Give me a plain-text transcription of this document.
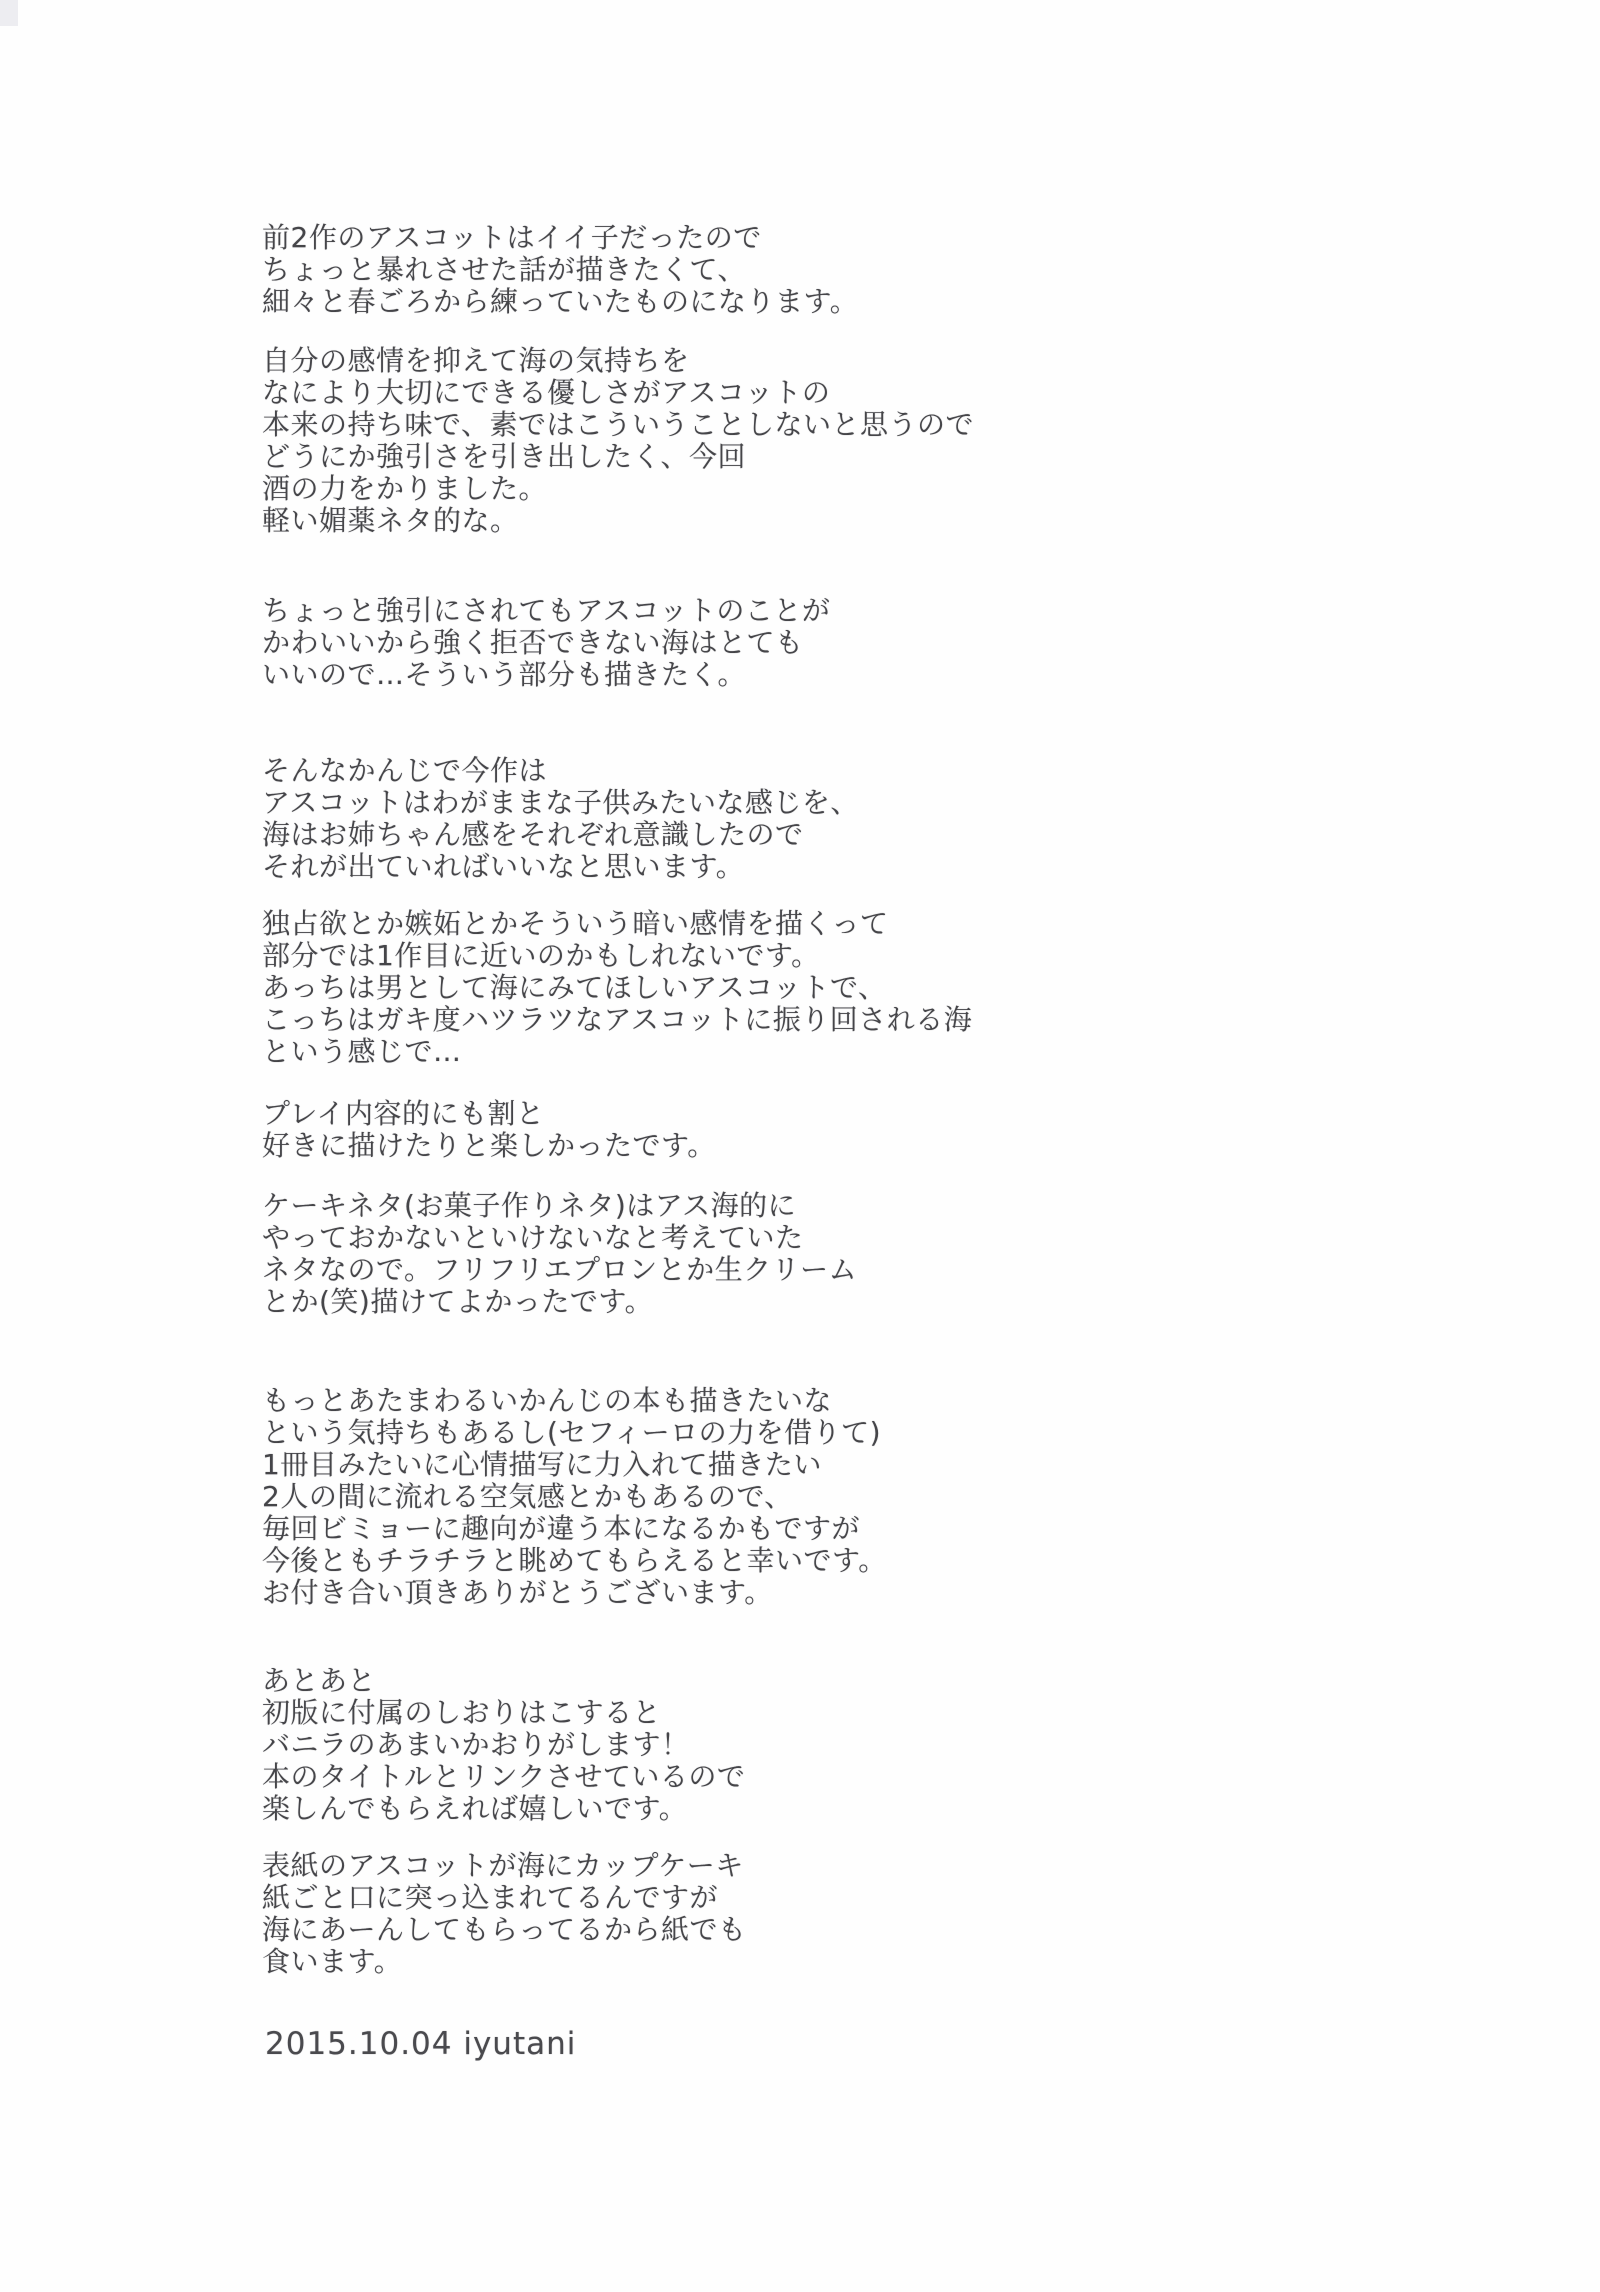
前2作のアスコットはイイ子だったので
ちょっと暴れさせた話が描きたくて、
細々と春ごろから練っていたものになります。
自分の感情を抑えて海の気持ちを
なにより大切にできる優しさがアスコットの
本来の持ち味で、素ではこういうことしないと思うので
どうにか強引さを引き出したく、今回
酒の力をかりました。
軽い媚薬ネタ的な。
ちょっと強引にされてもアスコットのことが
かわいいから強く拒否できない海はとても
いいので…そういう部分も描きたく。
そんなかんじで今作は
アスコットはわがままな子供みたいな感じを、
海はお姉ちゃん感をそれぞれ意識したので
それが出ていればいいなと思います。
独占欲とか嫉妬とかそういう暗い感情を描くって
部分では1作目に近いのかもしれないです。
あっちは男として海にみてほしいアスコットで、
こっちはガキ度ハツラツなアスコットに振り回される海
という感じで…
プレイ内容的にも割と
好きに描けたりと楽しかったです。
ケーキネタ(お菓子作りネタ)はアス海的に
やっておかないといけないなと考えていた
ネタなので。フリフリエプロンとか生クリーム
とか(笑)描けてよかったです。
もっとあたまわるいかんじの本も描きたいな
という気持ちもあるし(セフィーロの力を借りて)
1冊目みたいに心情描写に力入れて描きたい
2人の間に流れる空気感とかもあるので、
毎回ビミョーに趣向が違う本になるかもですが
今後ともチラチラと眺めてもらえると幸いです。
お付き合い頂きありがとうございます。
あとあと
初版に付属のしおりはこすると
バニラのあまいかおりがします！
本のタイトルとリンクさせているので
楽しんでもらえれば嬉しいです。
表紙のアスコットが海にカップケーキ
紙ごと口に突っ込まれてるんですが
海にあーんしてもらってるから紙でも
食います。
2015.10.04 iyutani
